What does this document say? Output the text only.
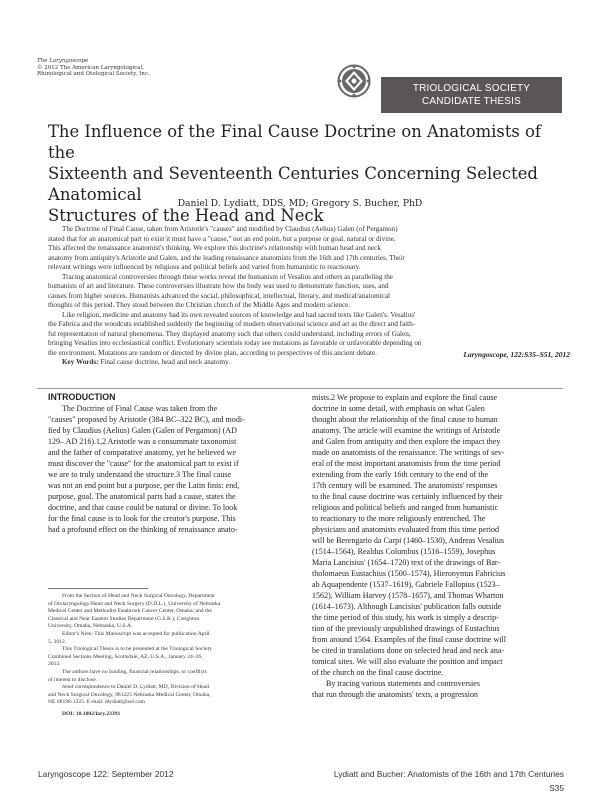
The Laryngoscope
© 2012 The American Laryngological,
Rhinological and Otological Society, Inc.
TRIOLOGICAL SOCIETY
CANDIDATE THESIS
The Influence of the Final Cause Doctrine on Anatomists of the
Sixteenth and Seventeenth Centuries Concerning Selected Anatomical
Structures of the Head and Neck
Daniel D. Lydiatt, DDS, MD; Gregory S. Bucher, PhD
The Doctrine of Final Cause, taken from Aristotle's "causes" and modified by Claudius (Aelius) Galen (of Pergamon)
stated that for an anatomical part to exist it must have a "cause," not an end point, but a purpose or goal, natural or divine.
This affected the renaissance anatomist's thinking. We explore this doctrine's relationship with human head and neck
anatomy from antiquity's Aristotle and Galen, and the leading renaissance anatomists from the 16th and 17th centuries. Their
relevant writings were influenced by religious and political beliefs and varied from humanistic to reactionary.
Tracing anatomical controversies through these works reveal the humanism of Vesalius and others as paralleling the
humanists of art and literature. These controversies illustrate how the body was used to demonstrate function, uses, and
causes from higher sources. Humanists advanced the social, philosophical, intellectual, literary, and medical/anatomical
thoughts of this period. They stood between the Christian church of the Middle Ages and modern science.
Like religion, medicine and anatomy had its own revealed sources of knowledge and had sacred texts like Galen's. Vesalius'
the Fabrica and the woodcuts established suddenly the beginning of modern observational science and art as the direct and faith-
ful representation of natural phenomena. They displayed anatomy such that others could understand, including errors of Galen,
bringing Vesalius into ecclesiastical conflict. Evolutionary scientists today see mutations as favorable or unfavorable depending on
the environment. Mutations are random or directed by divine plan, according to perspectives of this ancient debate.
Key Words: Final cause doctrine, head and neck anatomy.
Laryngoscope, 122:S35–S51, 2012
INTRODUCTION
The Doctrine of Final Cause was taken from the
"causes" proposed by Aristotle (384 BC–322 BC), and modi-
fied by Claudius (Aelius) Galen (Galen of Pergamon) (AD
129– AD 216).1,2 Aristotle was a consummate taxonomist
and the father of comparative anatomy, yet he believed we
must discover the "cause" for the anatomical part to exist if
we are to truly understand the structure.3 The final cause
was not an end point but a purpose, per the Latin finis: end,
purpose, goal. The anatomical parts had a cause, states the
doctrine, and that cause could be natural or divine. To look
for the final cause is to look for the creator's purpose. This
had a profound effect on the thinking of renaissance anato-
From the Section of Head and Neck Surgical Oncology, Department
of Otolaryngology/Head and Neck Surgery (D.D.L.), University of Nebraska
Medical Center and Methodist Estabrook Cancer Center, Omaha; and the
Classical and Near Eastern Studies Department (G.S.B.), Creighton
University, Omaha, Nebraska, U.S.A.
Editor's Note: This Manuscript was accepted for publication April
5, 2012.
This Triological Thesis is to be presented at the Triological Society
Combined Sections Meeting, Scottsdale, AZ, U.S.A., January 24–26,
2013.
The authors have no funding, financial relationships, or conflicts
of interest to disclose.
Send correspondence to Daniel D. Lydiatt, MD, Division of Head
and Neck Surgical Oncology, 981225 Nebraska Medical Center, Omaha,
NE 68198-1225. E-mail: dlydiatt@aol.com
DOI: 10.1002/lary.23391
mists.2 We propose to explain and explore the final cause
doctrine in some detail, with emphasis on what Galen
thought about the relationship of the final cause to human
anatomy. The article will examine the writings of Aristotle
and Galen from antiquity and then explore the impact they
made on anatomists of the renaissance. The writings of sev-
eral of the most important anatomists from the time period
extending from the early 16th century to the end of the
17th century will be examined. The anatomists' responses
to the final cause doctrine was certainly influenced by their
religious and political beliefs and ranged from humanistic
to reactionary to the more religiously entrenched. The
physicians and anatomists evaluated from this time period
will be Berengario da Carpi (1460–1530), Andreas Vesalius
(1514–1564), Realdus Columbus (1516–1559), Josephus
Maria Lancisius' (1654–1720) text of the drawings of Bar-
tholomaeus Eustachius (1500–1574), Hieronymus Fabricius
ab Aquapendente (1537–1619), Gabriele Fallopius (1523–
1562), William Harvey (1578–1657), and Thomas Wharton
(1614–1673). Although Lancisius' publication falls outside
the time period of this study, his work is simply a descrip-
tion of the previously unpublished drawings of Eustachius
from around 1564. Examples of the final cause doctrine will
be cited in translations done on selected head and neck ana-
tomical sites. We will also evaluate the position and impact
of the church on the final cause doctrine.
By tracing various statements and controversies
that run through the anatomists' texts, a progression
Laryngoscope 122: September 2012	Lydiatt and Bucher: Anatomists of the 16th and 17th Centuries
S35
